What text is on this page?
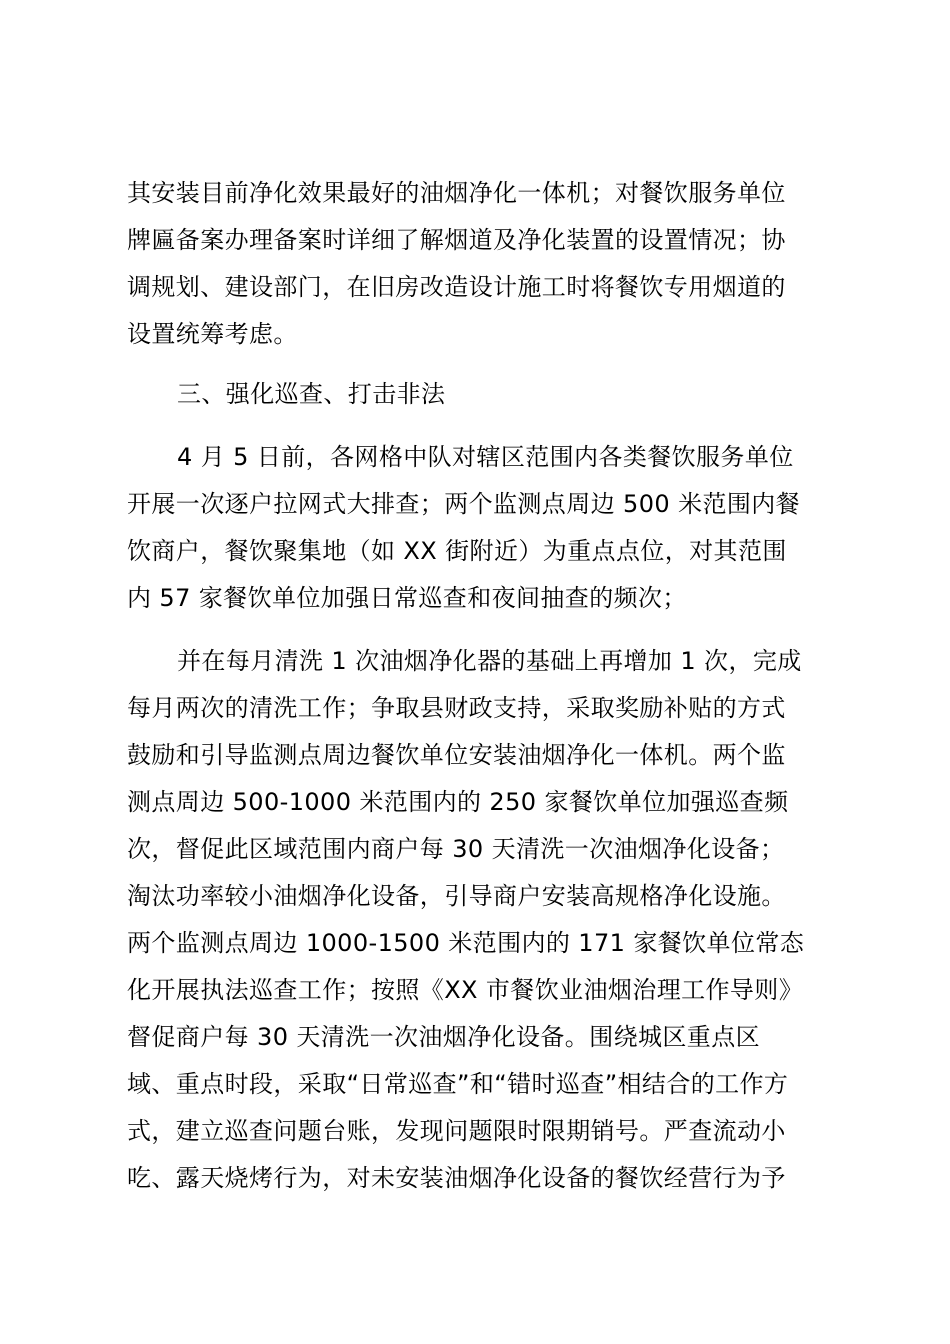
其安装目前净化效果最好的油烟净化一体机；对餐饮服务单位
牌匾备案办理备案时详细了解烟道及净化装置的设置情况；协
调规划、建设部门，在旧房改造设计施工时将餐饮专用烟道的
设置统筹考虑。

三、强化巡查、打击非法

4 月 5 日前，各网格中队对辖区范围内各类餐饮服务单位
开展一次逐户拉网式大排查；两个监测点周边 500 米范围内餐
饮商户，餐饮聚集地（如 XX 街附近）为重点点位，对其范围
内 57 家餐饮单位加强日常巡查和夜间抽查的频次；

并在每月清洗 1 次油烟净化器的基础上再增加 1 次，完成
每月两次的清洗工作；争取县财政支持，采取奖励补贴的方式
鼓励和引导监测点周边餐饮单位安装油烟净化一体机。两个监
测点周边 500-1000 米范围内的 250 家餐饮单位加强巡查频
次，督促此区域范围内商户每 30 天清洗一次油烟净化设备；
淘汰功率较小油烟净化设备，引导商户安装高规格净化设施。
两个监测点周边 1000-1500 米范围内的 171 家餐饮单位常态
化开展执法巡查工作；按照《XX 市餐饮业油烟治理工作导则》
督促商户每 30 天清洗一次油烟净化设备。围绕城区重点区
域、重点时段，采取“日常巡查”和“错时巡查”相结合的工作方
式，建立巡查问题台账，发现问题限时限期销号。严查流动小
吃、露天烧烤行为，对未安装油烟净化设备的餐饮经营行为予
